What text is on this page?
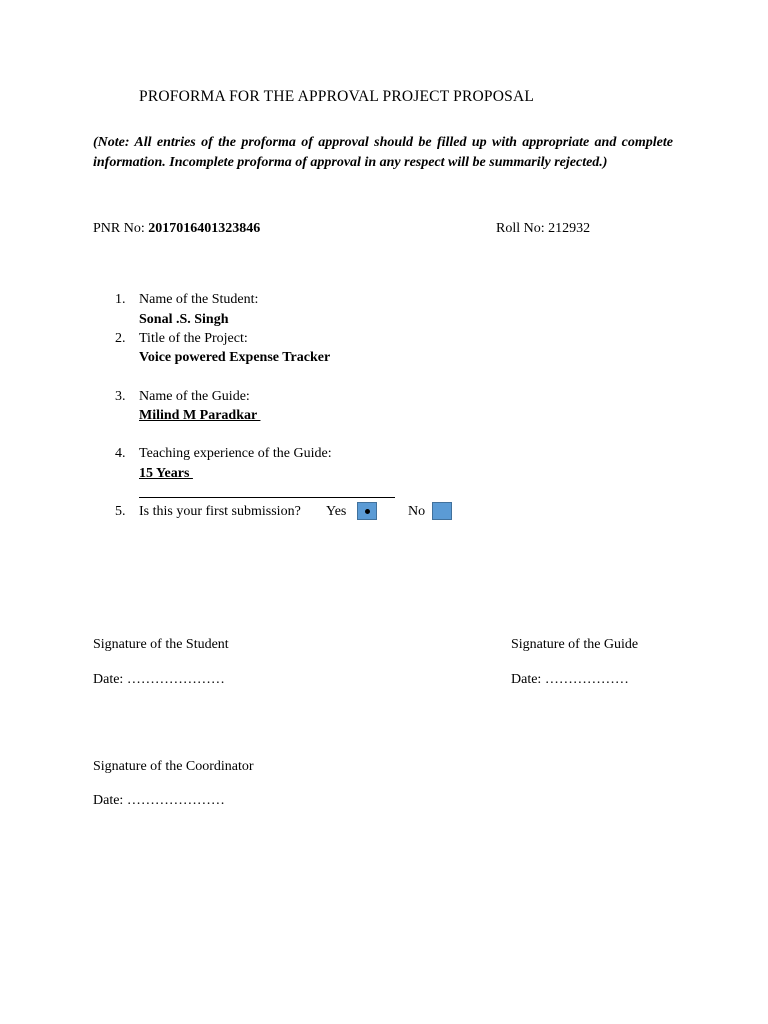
PROFORMA FOR THE APPROVAL PROJECT PROPOSAL
(Note: All entries of the proforma of approval should be filled up with appropriate and complete information. Incomplete proforma of approval in any respect will be summarily rejected.)
PNR No: 2017016401323846	Roll No: 212932
1. Name of the Student:
Sonal .S. Singh
2. Title of the Project:
Voice powered Expense Tracker
3. Name of the Guide:
Milind M Paradkar
4. Teaching experience of the Guide:
15 Years
5. Is this your first submission? Yes	No
Signature of the Student	Signature of the Guide
Date: …………………	Date: ………………
Signature of the Coordinator
Date: …………………
